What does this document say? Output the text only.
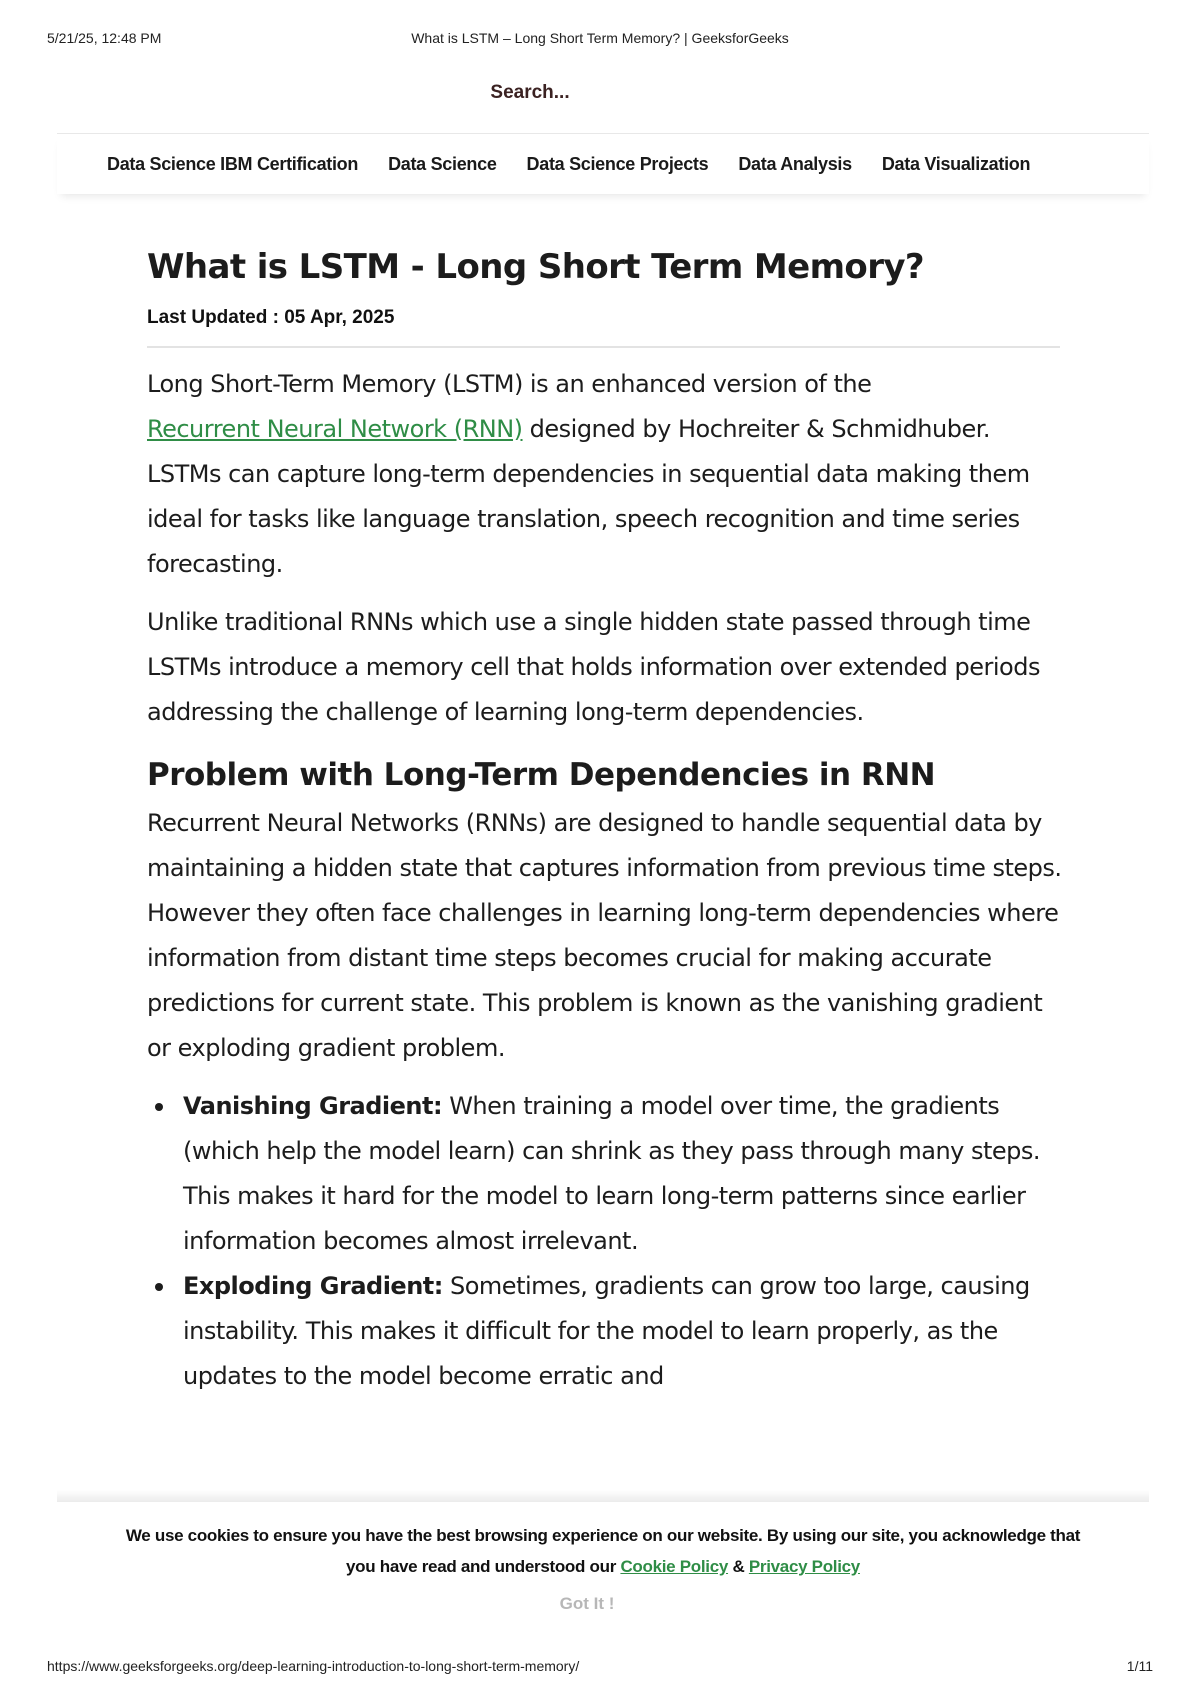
5/21/25, 12:48 PM	What is LSTM – Long Short Term Memory? | GeeksforGeeks
Search...
Data Science IBM Certification Data Science Data Science Projects Data Analysis Data Visualization
What is LSTM - Long Short Term Memory?
Last Updated : 05 Apr, 2025

Long Short-Term Memory (LSTM) is an enhanced version of the
Recurrent Neural Network (RNN) designed by Hochreiter & Schmidhuber. LSTMs can capture long-term dependencies in sequential data making them ideal for tasks like language translation, speech recognition and time series forecasting.

Unlike traditional RNNs which use a single hidden state passed through time LSTMs introduce a memory cell that holds information over extended periods addressing the challenge of learning long-term dependencies.

Problem with Long-Term Dependencies in RNN

Recurrent Neural Networks (RNNs) are designed to handle sequential data by maintaining a hidden state that captures information from previous time steps. However they often face challenges in learning long-term dependencies where information from distant time steps becomes crucial for making accurate predictions for current state. This problem is known as the vanishing gradient or exploding gradient problem.

Vanishing Gradient: When training a model over time, the gradients (which help the model learn) can shrink as they pass through many steps. This makes it hard for the model to learn long-term patterns since earlier information becomes almost irrelevant.
Exploding Gradient: Sometimes, gradients can grow too large, causing instability. This makes it difficult for the model to learn properly, as the updates to the model become erratic and
We use cookies to ensure you have the best browsing experience on our website. By using our site, you acknowledge that you have read and understood our Cookie Policy & Privacy Policy
Got It !
https://www.geeksforgeeks.org/deep-learning-introduction-to-long-short-term-memory/	1/11
